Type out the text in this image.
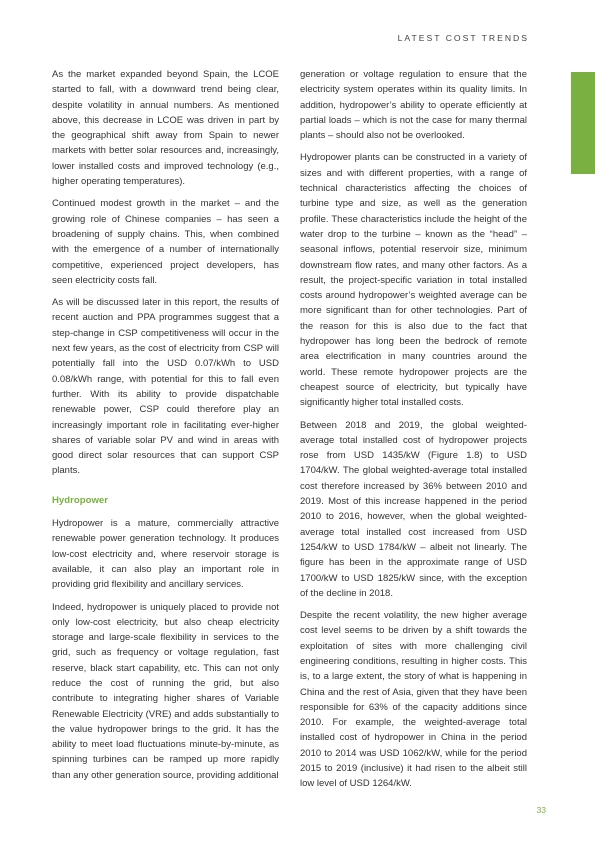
LATEST COST TRENDS

As the market expanded beyond Spain, the LCOE started to fall, with a downward trend being clear, despite volatility in annual numbers. As mentioned above, this decrease in LCOE was driven in part by the geographical shift away from Spain to newer markets with better solar resources and, increasingly, lower installed costs and improved technology (e.g., higher operating temperatures).

Continued modest growth in the market – and the growing role of Chinese companies – has seen a broadening of supply chains. This, when combined with the emergence of a number of internationally competitive, experienced project developers, has seen electricity costs fall.

As will be discussed later in this report, the results of recent auction and PPA programmes suggest that a step-change in CSP competitiveness will occur in the next few years, as the cost of electricity from CSP will potentially fall into the USD 0.07/kWh to USD 0.08/kWh range, with potential for this to fall even further. With its ability to provide dispatchable renewable power, CSP could therefore play an increasingly important role in facilitating ever-higher shares of variable solar PV and wind in areas with good direct solar resources that can support CSP plants.

Hydropower

Hydropower is a mature, commercially attractive renewable power generation technology. It produces low-cost electricity and, where reservoir storage is available, it can also play an important role in providing grid flexibility and ancillary services.

Indeed, hydropower is uniquely placed to provide not only low-cost electricity, but also cheap electricity storage and large-scale flexibility in services to the grid, such as frequency or voltage regulation, fast reserve, black start capability, etc. This can not only reduce the cost of running the grid, but also contribute to integrating higher shares of Variable Renewable Electricity (VRE) and adds substantially to the value hydropower brings to the grid. It has the ability to meet load fluctuations minute-by-minute, as spinning turbines can be ramped up more rapidly than any other generation source, providing additional

generation or voltage regulation to ensure that the electricity system operates within its quality limits. In addition, hydropower’s ability to operate efficiently at partial loads – which is not the case for many thermal plants – should also not be overlooked.

Hydropower plants can be constructed in a variety of sizes and with different properties, with a range of technical characteristics affecting the choices of turbine type and size, as well as the generation profile. These characteristics include the height of the water drop to the turbine – known as the “head” – seasonal inflows, potential reservoir size, minimum downstream flow rates, and many other factors. As a result, the project-specific variation in total installed costs around hydropower’s weighted average can be more significant than for other technologies. Part of the reason for this is also due to the fact that hydropower has long been the bedrock of remote area electrification in many countries around the world. These remote hydropower projects are the cheapest source of electricity, but typically have significantly higher total installed costs.

Between 2018 and 2019, the global weighted-average total installed cost of hydropower projects rose from USD 1435/kW (Figure 1.8) to USD 1704/kW. The global weighted-average total installed cost therefore increased by 36% between 2010 and 2019. Most of this increase happened in the period 2010 to 2016, however, when the global weighted-average total installed cost increased from USD 1254/kW to USD 1784/kW – albeit not linearly. The figure has been in the approximate range of USD 1700/kW to USD 1825/kW since, with the exception of the decline in 2018.

Despite the recent volatility, the new higher average cost level seems to be driven by a shift towards the exploitation of sites with more challenging civil engineering conditions, resulting in higher costs. This is, to a large extent, the story of what is happening in China and the rest of Asia, given that they have been responsible for 63% of the capacity additions since 2010. For example, the weighted-average total installed cost of hydropower in China in the period 2010 to 2014 was USD 1062/kW, while for the period 2015 to 2019 (inclusive) it had risen to the albeit still low level of USD 1264/kW.

33
